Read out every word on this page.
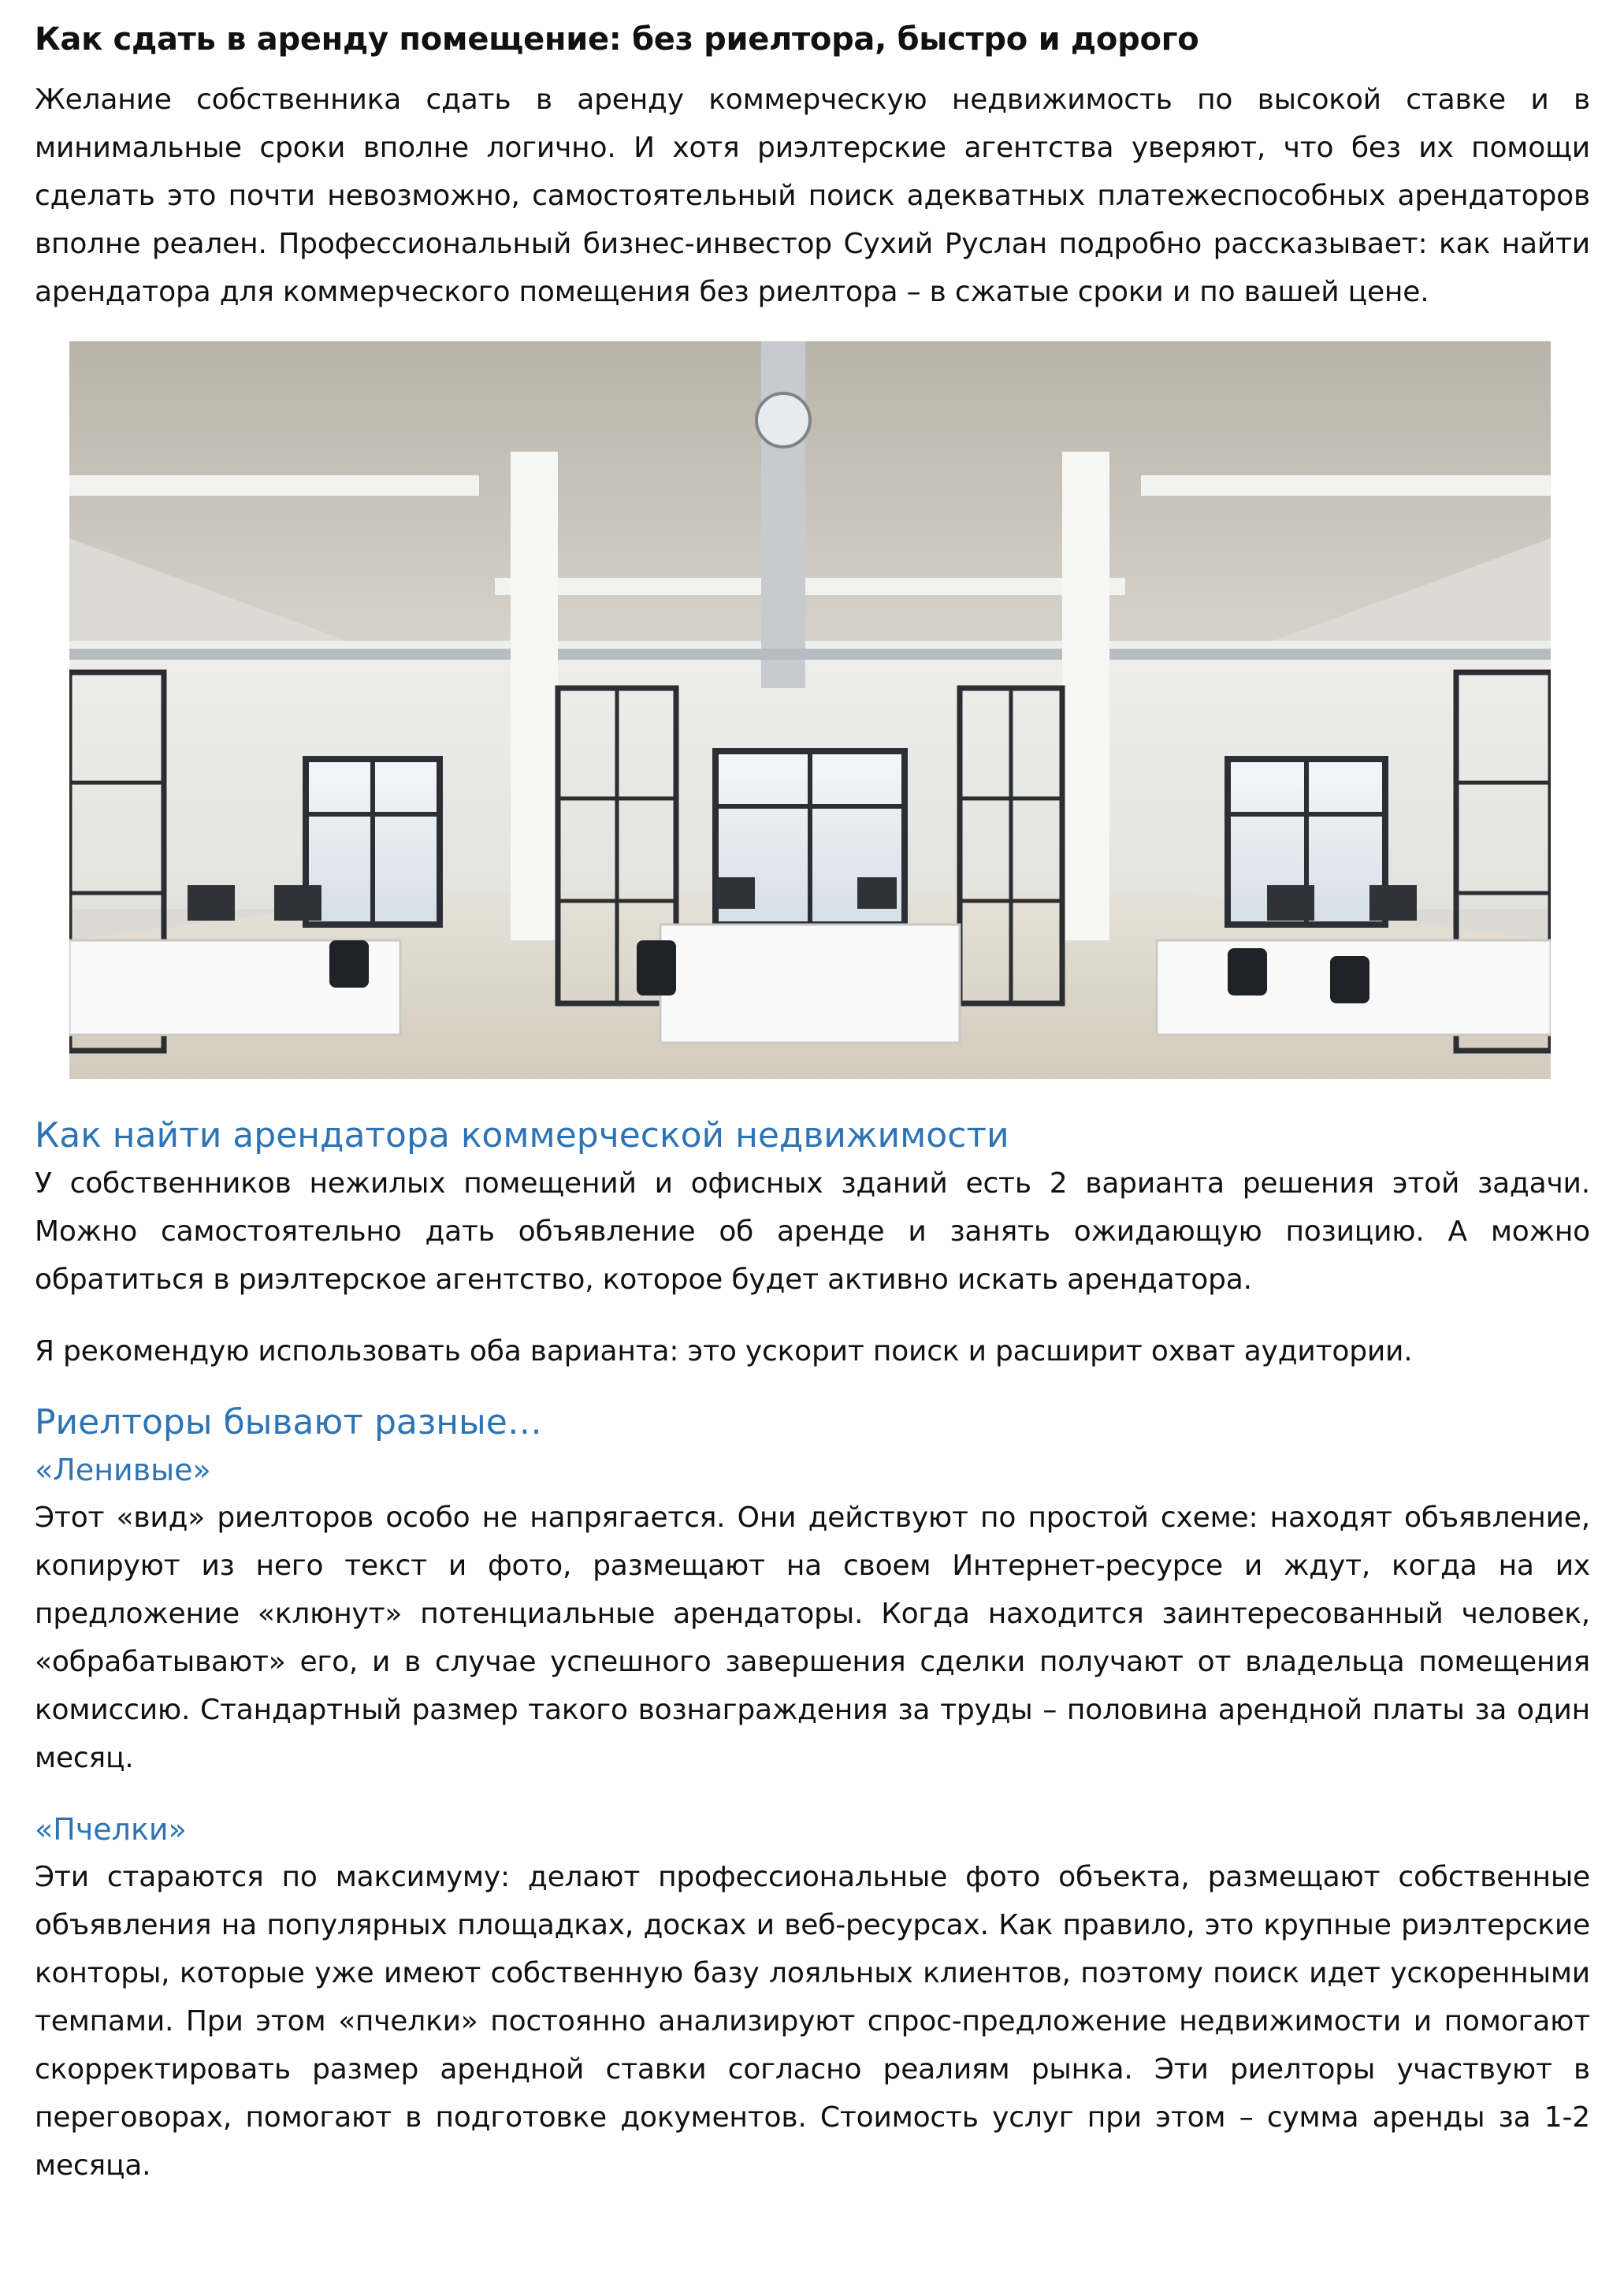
Как сдать в аренду помещение: без риелтора, быстро и дорого

Желание собственника сдать в аренду коммерческую недвижимость по высокой ставке и в минимальные сроки вполне логично. И хотя риэлтерские агентства уверяют, что без их помощи сделать это почти невозможно, самостоятельный поиск адекватных платежеспособных арендаторов вполне реален. Профессиональный бизнес-инвестор Сухий Руслан подробно рассказывает: как найти арендатора для коммерческого помещения без риелтора – в сжатые сроки и по вашей цене.

Как найти арендатора коммерческой недвижимости

У собственников нежилых помещений и офисных зданий есть 2 варианта решения этой задачи. Можно самостоятельно дать объявление об аренде и занять ожидающую позицию. А можно обратиться в риэлтерское агентство, которое будет активно искать арендатора.

Я рекомендую использовать оба варианта: это ускорит поиск и расширит охват аудитории.

Риелторы бывают разные…
«Ленивые»

Этот «вид» риелторов особо не напрягается. Они действуют по простой схеме: находят объявление, копируют из него текст и фото, размещают на своем Интернет-ресурсе и ждут, когда на их предложение «клюнут» потенциальные арендаторы. Когда находится заинтересованный человек, «обрабатывают» его, и в случае успешного завершения сделки получают от владельца помещения комиссию. Стандартный размер такого вознаграждения за труды – половина арендной платы за один месяц.

«Пчелки»

Эти стараются по максимуму: делают профессиональные фото объекта, размещают собственные объявления на популярных площадках, досках и веб-ресурсах. Как правило, это крупные риэлтерские конторы, которые уже имеют собственную базу лояльных клиентов, поэтому поиск идет ускоренными темпами. При этом «пчелки» постоянно анализируют спрос-предложение недвижимости и помогают скорректировать размер арендной ставки согласно реалиям рынка. Эти риелторы участвуют в переговорах, помогают в подготовке документов. Стоимость услуг при этом – сумма аренды за 1-2 месяца.
